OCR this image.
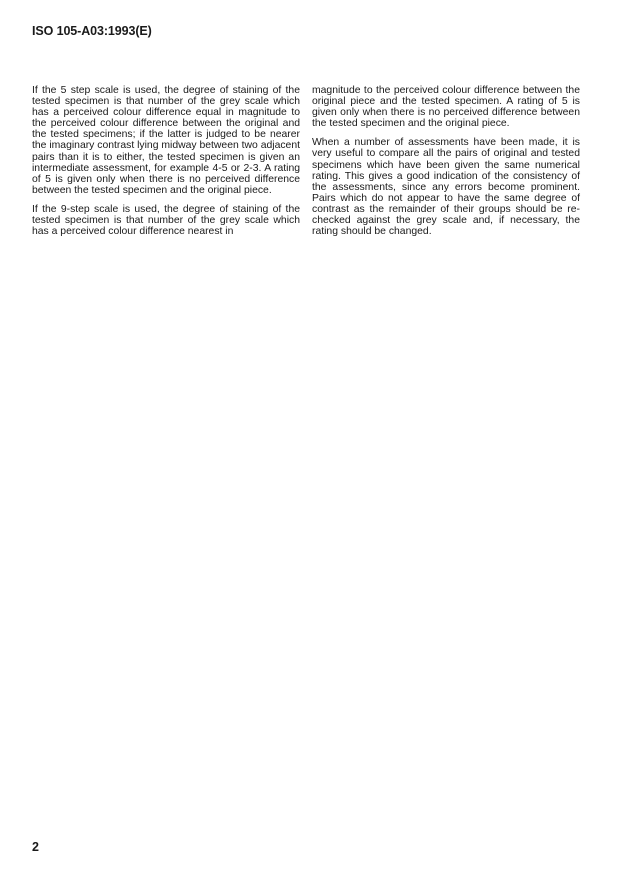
ISO 105-A03:1993(E)

If the 5 step scale is used, the degree of staining of the tested specimen is that number of the grey scale which has a perceived colour difference equal in magnitude to the perceived colour difference between the original and the tested specimens; if the latter is judged to be nearer the imaginary contrast lying midway between two adjacent pairs than it is to either, the tested specimen is given an intermediate assessment, for example 4-5 or 2-3. A rating of 5 is given only when there is no perceived difference between the tested specimen and the original piece.

If the 9-step scale is used, the degree of staining of the tested specimen is that number of the grey scale which has a perceived colour difference nearest in

magnitude to the perceived colour difference between the original piece and the tested specimen. A rating of 5 is given only when there is no perceived difference between the tested specimen and the original piece.

When a number of assessments have been made, it is very useful to compare all the pairs of original and tested specimens which have been given the same numerical rating. This gives a good indication of the consistency of the assessments, since any errors become prominent. Pairs which do not appear to have the same degree of contrast as the remainder of their groups should be re-checked against the grey scale and, if necessary, the rating should be changed.

2
